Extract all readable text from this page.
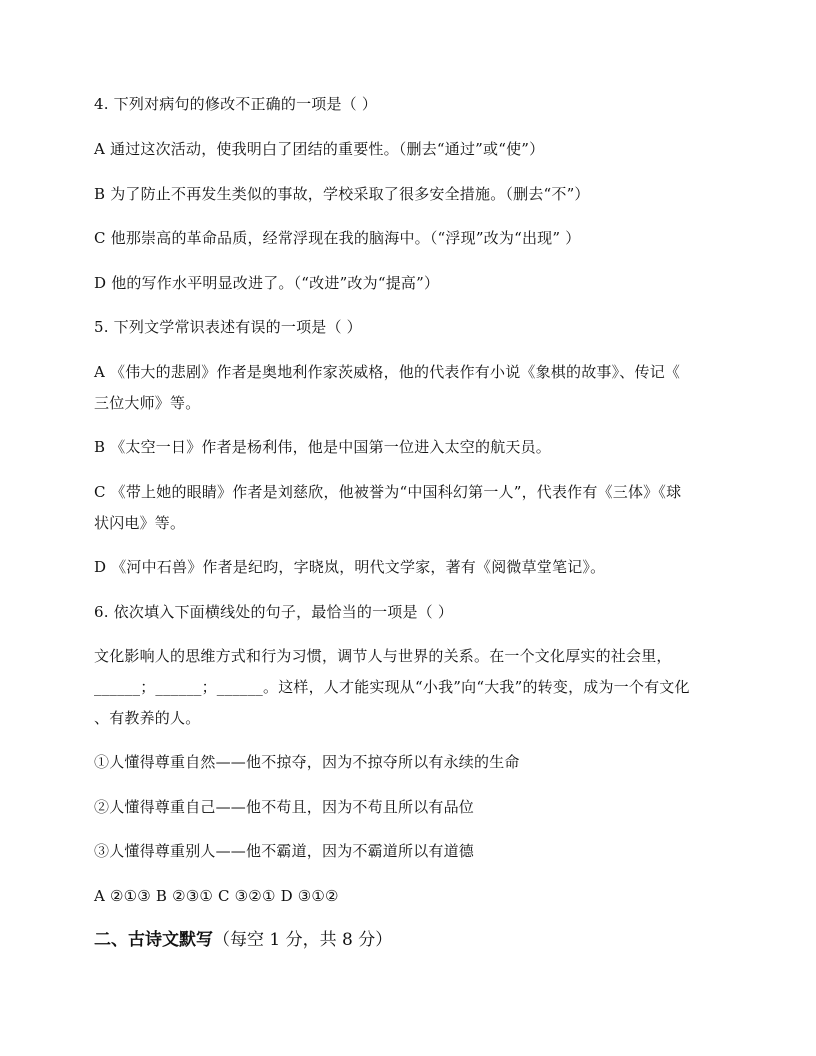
4. 下列对病句的修改不正确的一项是（ ）
A 通过这次活动，使我明白了团结的重要性。（删去“通过”或“使”）
B 为了防止不再发生类似的事故，学校采取了很多安全措施。（删去“不”）
C 他那崇高的革命品质，经常浮现在我的脑海中。（“浮现”改为“出现” ）
D 他的写作水平明显改进了。（“改进”改为“提高”）
5. 下列文学常识表述有误的一项是（ ）
A 《伟大的悲剧》作者是奥地利作家茨威格，他的代表作有小说《象棋的故事》、传记《
三位大师》等。
B 《太空一日》作者是杨利伟，他是中国第一位进入太空的航天员。
C 《带上她的眼睛》作者是刘慈欣，他被誉为“中国科幻第一人”，代表作有《三体》《球
状闪电》等。
D 《河中石兽》作者是纪昀，字晓岚，明代文学家，著有《阅微草堂笔记》。
6. 依次填入下面横线处的句子，最恰当的一项是（ ）
文化影响人的思维方式和行为习惯，调节人与世界的关系。在一个文化厚实的社会里，
______；______；______。这样，人才能实现从“小我”向“大我”的转变，成为一个有文化
、有教养的人。
①人懂得尊重自然——他不掠夺，因为不掠夺所以有永续的生命
②人懂得尊重自己——他不苟且，因为不苟且所以有品位
③人懂得尊重别人——他不霸道，因为不霸道所以有道德
A ②①③ B ②③① C ③②① D ③①②
二、古诗文默写（每空 1 分，共 8 分）
